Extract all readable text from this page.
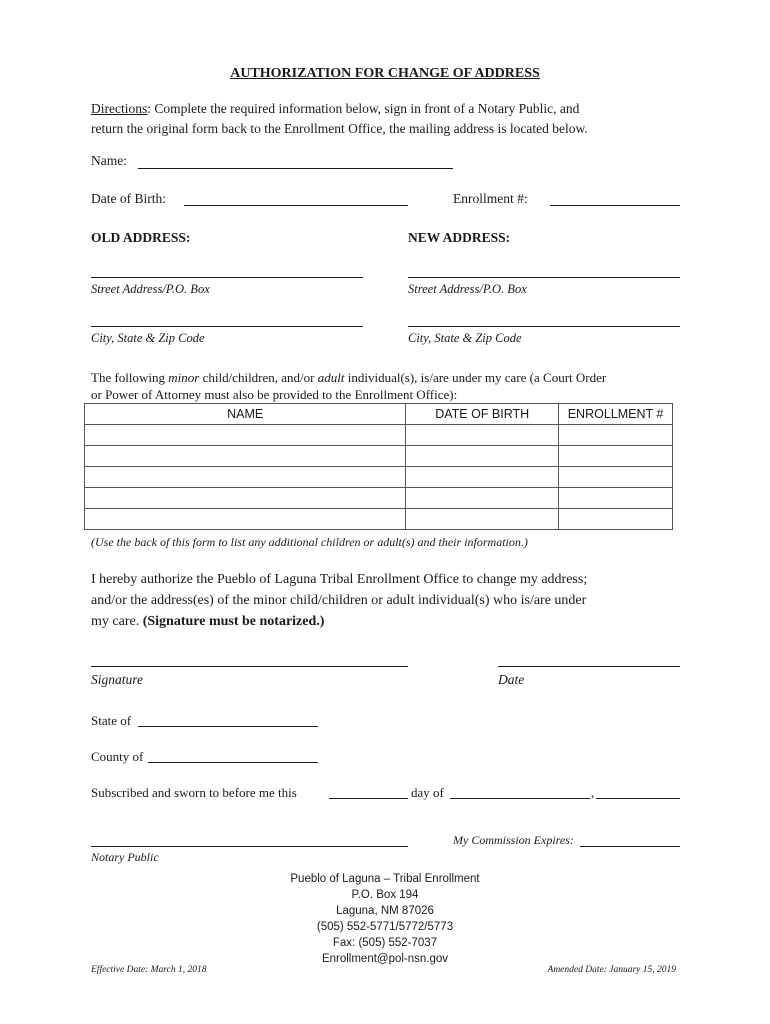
AUTHORIZATION FOR CHANGE OF ADDRESS
Directions: Complete the required information below, sign in front of a Notary Public, and
return the original form back to the Enrollment Office, the mailing address is located below.
Name:
Date of Birth:	Enrollment #:
OLD ADDRESS:	NEW ADDRESS:
Street Address/P.O. Box	Street Address/P.O. Box
City, State & Zip Code	City, State & Zip Code
The following minor child/children, and/or adult individual(s), is/are under my care (a Court Order
or Power of Attorney must also be provided to the Enrollment Office):
NAME	DATE OF BIRTH	ENROLLMENT #

(Use the back of this form to list any additional children or adult(s) and their information.)
I hereby authorize the Pueblo of Laguna Tribal Enrollment Office to change my address;
and/or the address(es) of the minor child/children or adult individual(s) who is/are under
my care. (Signature must be notarized.)
Signature	Date
State of
County of
Subscribed and sworn to before me this	day of	,
My Commission Expires:
Notary Public
Pueblo of Laguna – Tribal Enrollment
P.O. Box 194
Laguna, NM 87026
(505) 552-5771/5772/5773
Fax: (505) 552-7037
Enrollment@pol-nsn.gov
Effective Date: March 1, 2018	Amended Date: January 15, 2019
